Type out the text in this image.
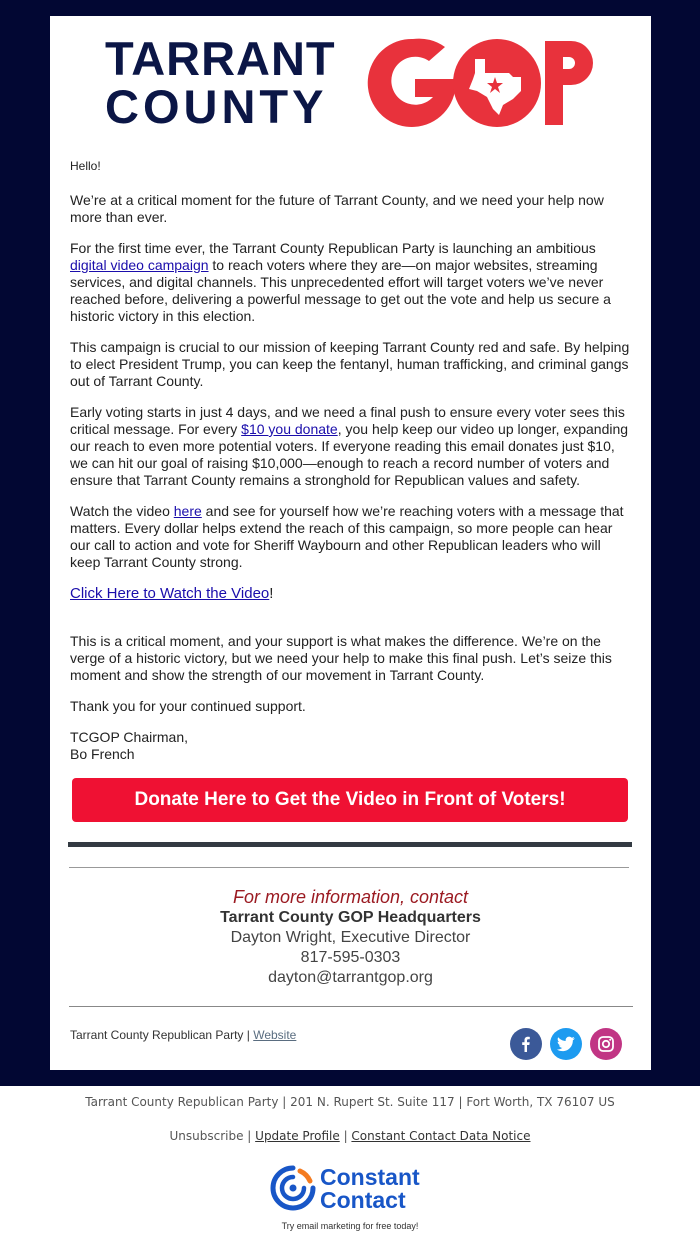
TARRANT
COUNTY

Hello!

We’re at a critical moment for the future of Tarrant County, and we need your help now more than ever.

For the first time ever, the Tarrant County Republican Party is launching an ambitious digital video campaign to reach voters where they are—on major websites, streaming services, and digital channels. This unprecedented effort will target voters we’ve never reached before, delivering a powerful message to get out the vote and help us secure a historic victory in this election.

This campaign is crucial to our mission of keeping Tarrant County red and safe. By helping to elect President Trump, you can keep the fentanyl, human trafficking, and criminal gangs out of Tarrant County.

Early voting starts in just 4 days, and we need a final push to ensure every voter sees this critical message. For every $10 you donate, you help keep our video up longer, expanding our reach to even more potential voters. If everyone reading this email donates just $10, we can hit our goal of raising $10,000—enough to reach a record number of voters and ensure that Tarrant County remains a stronghold for Republican values and safety.

Watch the video here and see for yourself how we’re reaching voters with a message that matters. Every dollar helps extend the reach of this campaign, so more people can hear our call to action and vote for Sheriff Waybourn and other Republican leaders who will keep Tarrant County strong.

Click Here to Watch the Video!

This is a critical moment, and your support is what makes the difference. We’re on the verge of a historic victory, but we need your help to make this final push. Let’s seize this moment and show the strength of our movement in Tarrant County.

Thank you for your continued support.

TCGOP Chairman,
Bo French

Donate Here to Get the Video in Front of Voters!
For more information, contact
Tarrant County GOP Headquarters
Dayton Wright, Executive Director
817-595-0303
dayton@tarrantgop.org
Tarrant County Republican Party | Website
Tarrant County Republican Party | 201 N. Rupert St. Suite 117 | Fort Worth, TX 76107 US
Unsubscribe | Update Profile | Constant Contact Data Notice
Constant
Contact
Try email marketing for free today!
